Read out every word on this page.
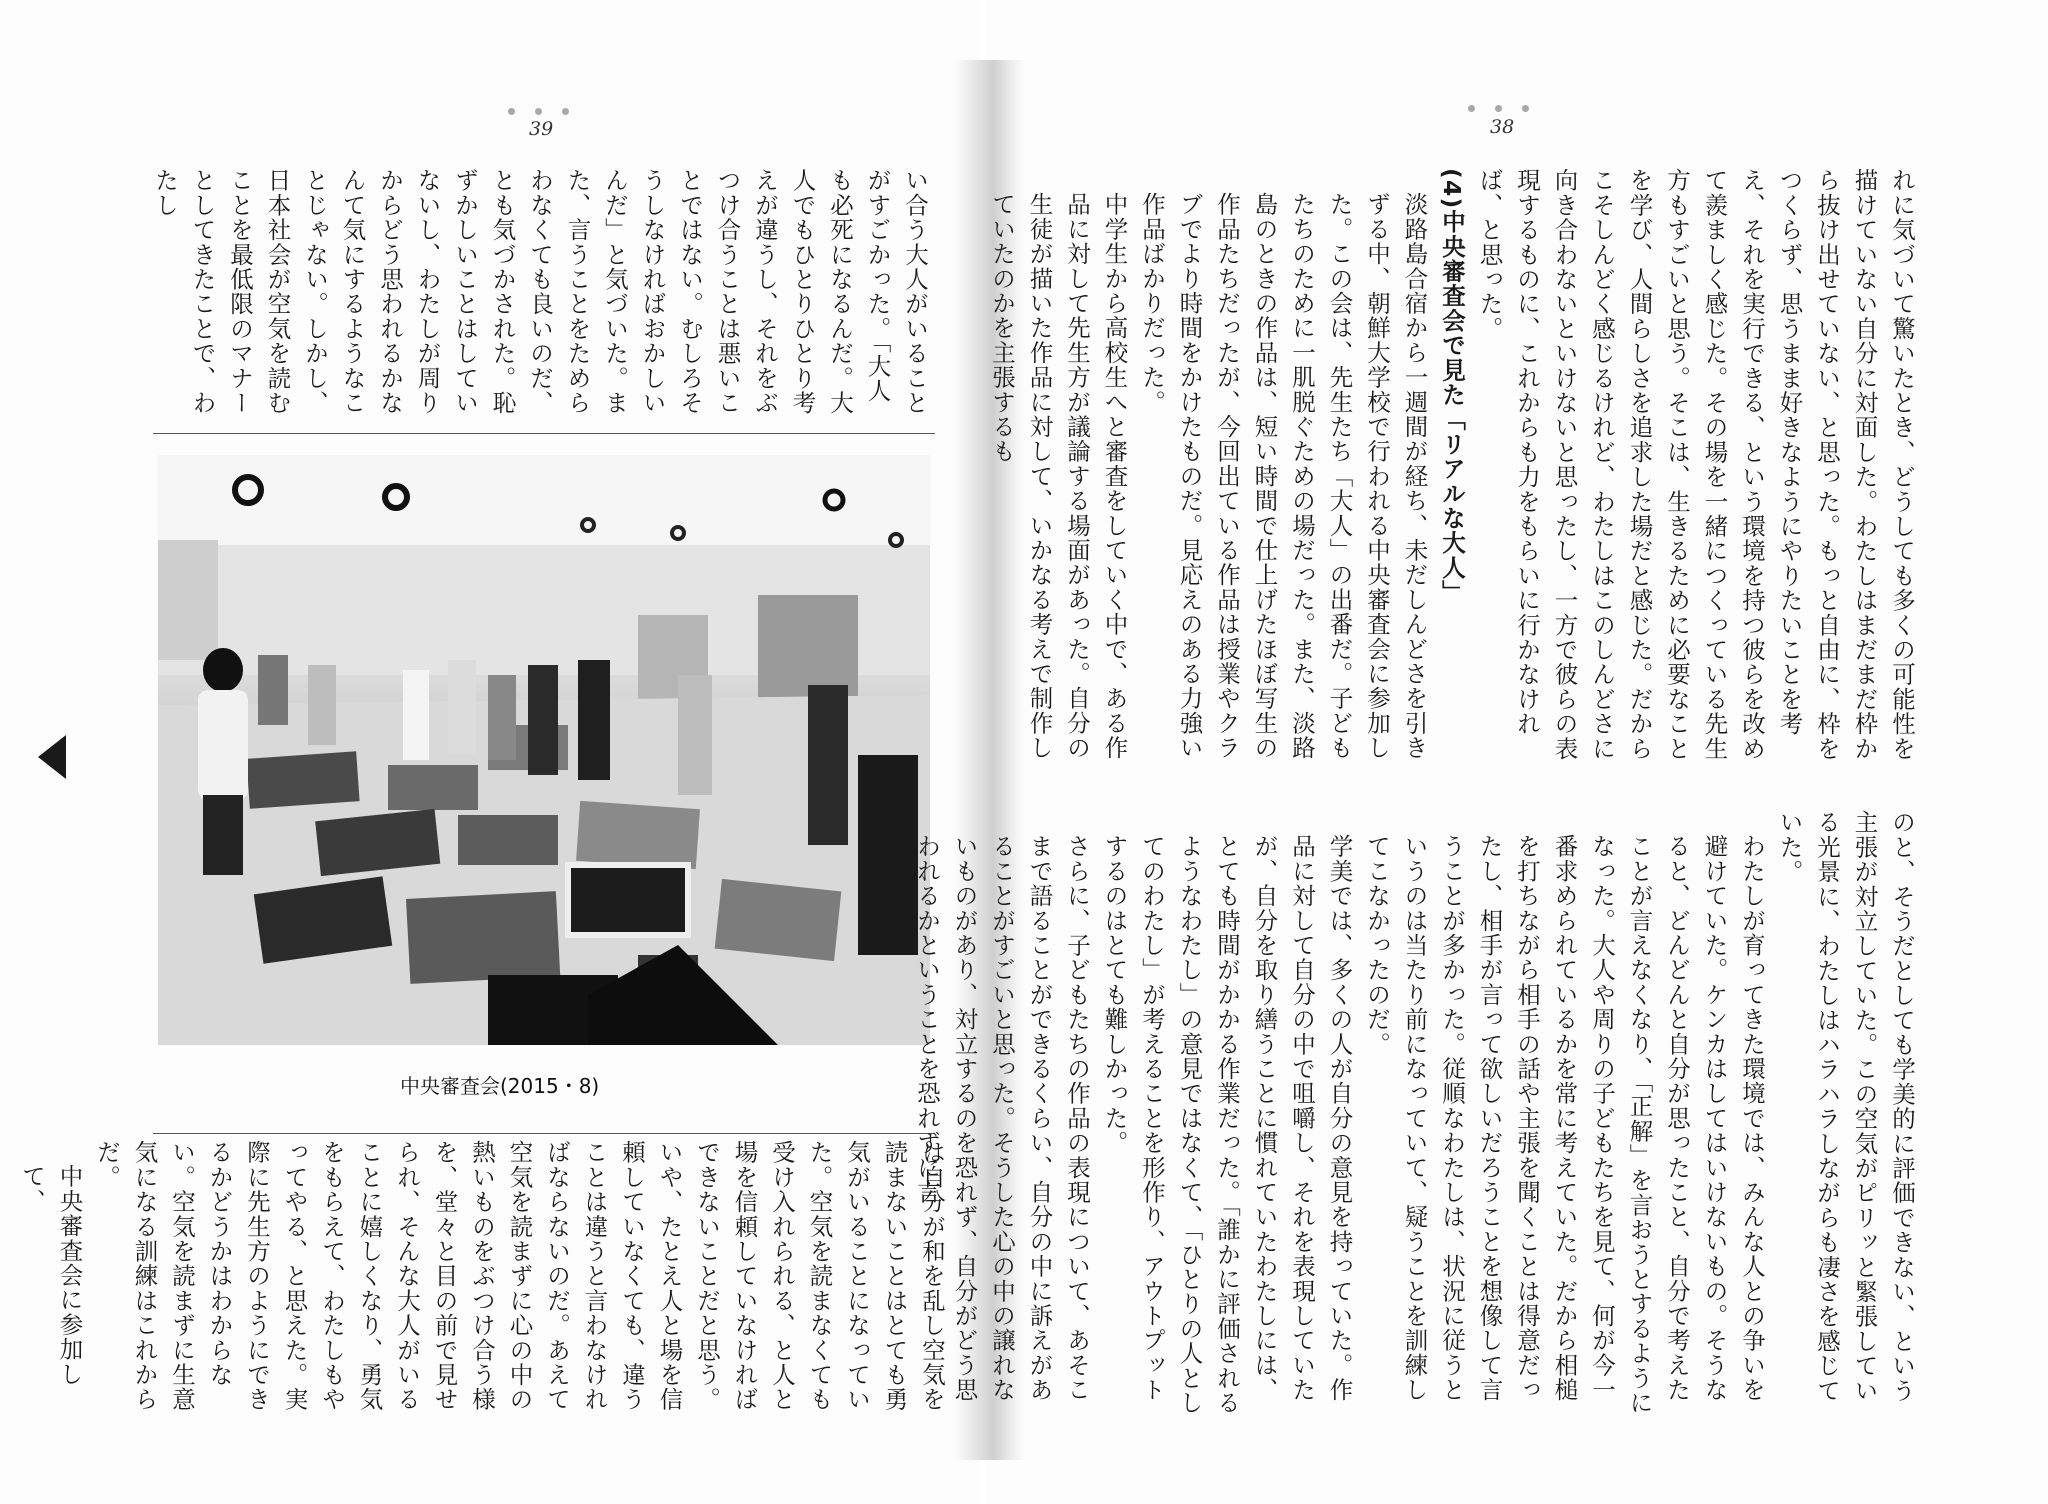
39
い合う大人がいることがすごかった。「大人も必死になるんだ。大人でもひとりひとり考えが違うし、それをぶつけ合うことは悪いことではない。むしろそうしなければおかしいんだ」と気づいた。また、言うことをためらわなくても良いのだ、とも気づかされた。恥ずかしいことはしていないし、わたしが周りからどう思われるかなんて気にするようなことじゃない。しかし、日本社会が空気を読むことを最低限のマナーとしてきたことで、わたし
中央審査会(2015・8)
は自分が和を乱し空気を読まないことはとても勇気がいることになっていた。空気を読まなくても受け入れられる、と人と場を信頼していなければできないことだと思う。いや、たとえ人と場を信頼していなくても、違うことは違うと言わなければならないのだ。あえて空気を読まずに心の中の熱いものをぶつけ合う様を、堂々と目の前で見せられ、そんな大人がいることに嬉しくなり、勇気をもらえて、わたしもやってやる、と思えた。実際に先生方のようにできるかどうかはわからない。空気を読まずに生意気になる訓練はこれからだ。
中央審査会に参加して、
38
れに気づいて驚いたとき、どうしても多くの可能性を描けていない自分に対面した。わたしはまだまだ枠から抜け出せていない、と思った。もっと自由に、枠をつくらず、思うまま好きなようにやりたいことを考え、それを実行できる、という環境を持つ彼らを改めて羨ましく感じた。その場を一緒につくっている先生方もすごいと思う。そこは、生きるために必要なことを学び、人間らしさを追求した場だと感じた。だからこそしんどく感じるけれど、わたしはこのしんどさに向き合わないといけないと思ったし、一方で彼らの表現するものに、これからも力をもらいに行かなければ、と思った。
(4)中央審査会で見た「リアルな大人」
淡路島合宿から一週間が経ち、未だしんどさを引きずる中、朝鮮大学校で行われる中央審査会に参加した。この会は、先生たち「大人」の出番だ。子どもたちのために一肌脱ぐための場だった。また、淡路島のときの作品は、短い時間で仕上げたほぼ写生の作品たちだったが、今回出ている作品は授業やクラブでより時間をかけたものだ。見応えのある力強い作品ばかりだった。
中学生から高校生へと審査をしていく中で、ある作品に対して先生方が議論する場面があった。自分の生徒が描いた作品に対して、いかなる考えで制作していたのかを主張するも
のと、そうだとしても学美的に評価できない、という主張が対立していた。この空気がピリッと緊張している光景に、わたしはハラハラしながらも凄さを感じていた。
わたしが育ってきた環境では、みんな人との争いを避けていた。ケンカはしてはいけないもの。そうなると、どんどんと自分が思ったこと、自分で考えたことが言えなくなり、「正解」を言おうとするようになった。大人や周りの子どもたちを見て、何が今一番求められているかを常に考えていた。だから相槌を打ちながら相手の話や主張を聞くことは得意だったし、相手が言って欲しいだろうことを想像して言うことが多かった。従順なわたしは、状況に従うというのは当たり前になっていて、疑うことを訓練してこなかったのだ。
学美では、多くの人が自分の意見を持っていた。作品に対して自分の中で咀嚼し、それを表現していたが、自分を取り繕うことに慣れていたわたしには、とても時間がかかる作業だった。「誰かに評価されるようなわたし」の意見ではなくて、「ひとりの人としてのわたし」が考えることを形作り、アウトプットするのはとても難しかった。
さらに、子どもたちの作品の表現について、あそこまで語ることができるくらい、自分の中に訴えがあることがすごいと思った。そうした心の中の譲れないものがあり、対立するのを恐れず、自分がどう思われるかということを恐れずに言
